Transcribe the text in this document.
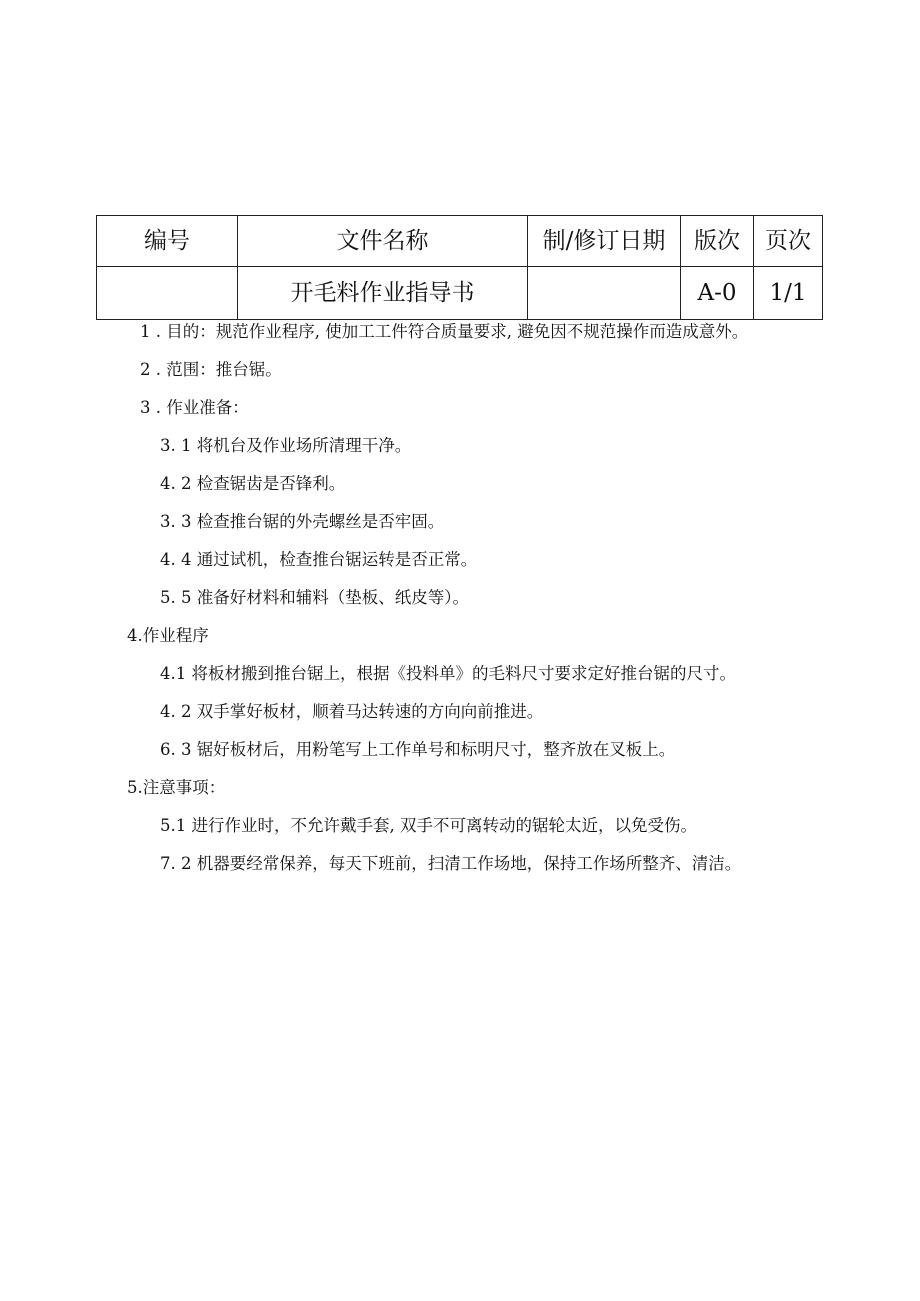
编号	文件名称	制/修订日期	版次	页次
	开毛料作业指导书		A-0	1/1
1 . 目的：规范作业程序, 使加工工件符合质量要求, 避免因不规范操作而造成意外。
2 . 范围：推台锯。
3 . 作业准备：
3. 1 将机台及作业场所清理干净。
4. 2 检查锯齿是否锋利。
3. 3 检查推台锯的外壳螺丝是否牢固。
4. 4 通过试机，检查推台锯运转是否正常。
5. 5 准备好材料和辅料（垫板、纸皮等）。
4.作业程序
4.1 将板材搬到推台锯上，根据《投料单》的毛料尺寸要求定好推台锯的尺寸。
4. 2 双手掌好板材，顺着马达转速的方向向前推进。
6. 3 锯好板材后，用粉笔写上工作单号和标明尺寸，整齐放在叉板上。
5.注意事项：
5.1 进行作业时，不允许戴手套, 双手不可离转动的锯轮太近，以免受伤。
7. 2 机器要经常保养，每天下班前，扫清工作场地，保持工作场所整齐、清洁。
